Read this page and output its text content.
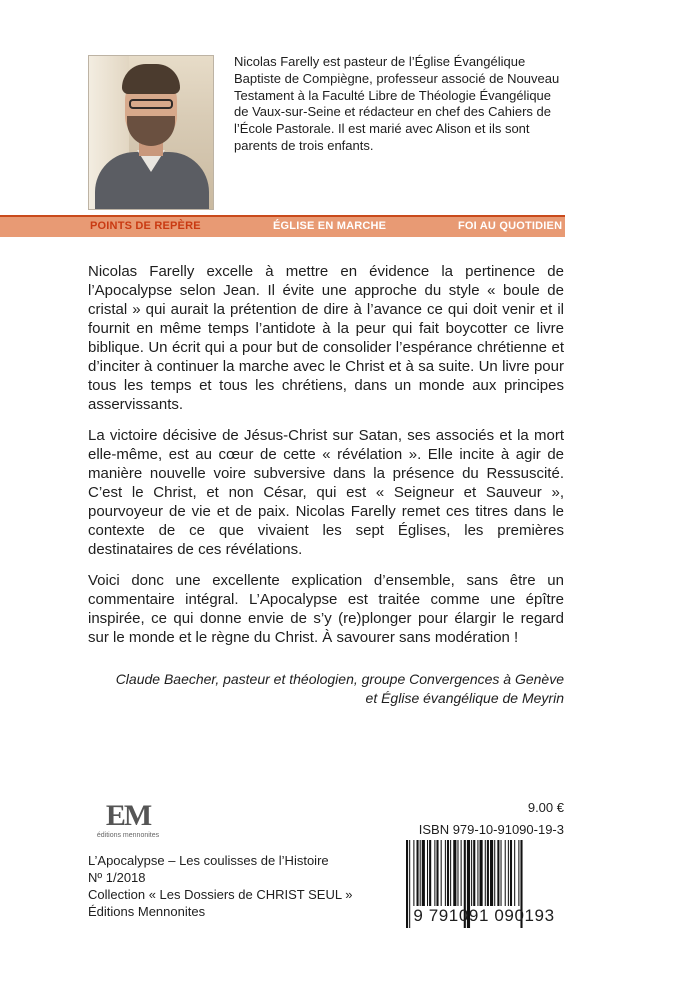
Nicolas Farelly est pasteur de l’Église Évangélique Baptiste de Compiègne, professeur associé de Nouveau Testament à la Faculté Libre de Théologie Évangélique de Vaux-sur-Seine et rédacteur en chef des Cahiers de l’École Pastorale. Il est marié avec Alison et ils sont parents de trois enfants.

POINTS DE REPÈRE	ÉGLISE EN MARCHE	FOI AU QUOTIDIEN

Nicolas Farelly excelle à mettre en évidence la pertinence de l’Apocalypse selon Jean. Il évite une approche du style « boule de cristal » qui aurait la prétention de dire à l’avance ce qui doit venir et il fournit en même temps l’antidote à la peur qui fait boycotter ce livre biblique. Un écrit qui a pour but de consolider l’espérance chrétienne et d’inciter à continuer la marche avec le Christ et à sa suite. Un livre pour tous les temps et tous les chrétiens, dans un monde aux principes asservissants.

La victoire décisive de Jésus-Christ sur Satan, ses associés et la mort elle-même, est au cœur de cette « révélation ». Elle incite à agir de manière nouvelle voire subversive dans la présence du Ressuscité. C’est le Christ, et non César, qui est « Seigneur et Sauveur », pourvoyeur de vie et de paix. Nicolas Farelly remet ces titres dans le contexte de ce que vivaient les sept Églises, les premières destinataires de ces révélations.

Voici donc une excellente explication d’ensemble, sans être un commentaire intégral. L’Apocalypse est traitée comme une épître inspirée, ce qui donne envie de s’y (re)plonger pour élargir le regard sur le monde et le règne du Christ. À savourer sans modération !

Claude Baecher, pasteur et théologien, groupe Convergences à Genève
et Église évangélique de Meyrin
EM
éditions mennonites
L’Apocalypse – Les coulisses de l’Histoire
Nº 1/2018
Collection « Les Dossiers de CHRIST SEUL »
Éditions Mennonites
9.00 €
ISBN 979-10-91090-19-3
9 791091 090193
